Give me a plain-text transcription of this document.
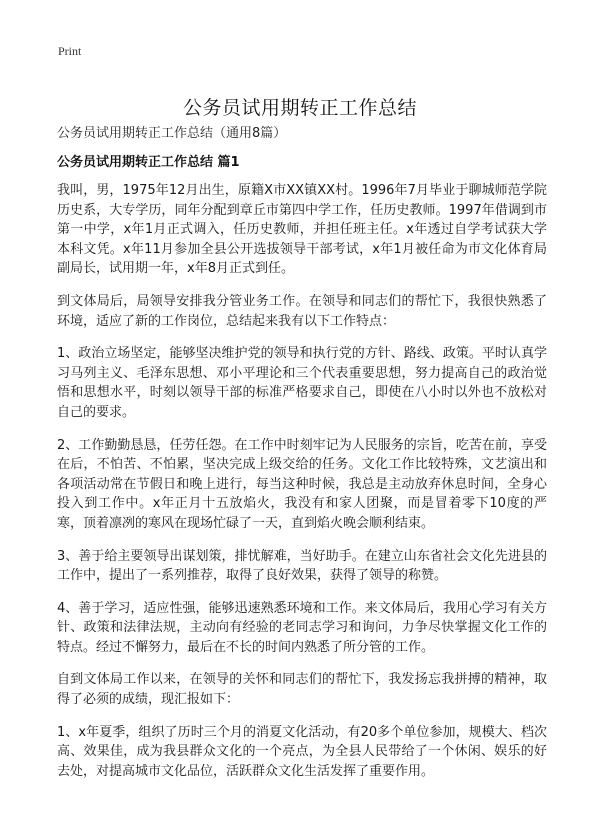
Print
公务员试用期转正工作总结
公务员试用期转正工作总结（通用8篇）
公务员试用期转正工作总结 篇1

我叫，男，1975年12月出生，原籍X市XX镇XX村。1996年7月毕业于聊城师范学院历史系，大专学历，同年分配到章丘市第四中学工作，任历史教师。1997年借调到市第一中学，x年1月正式调入，任历史教师，并担任班主任。x年透过自学考试获大学本科文凭。x年11月参加全县公开选拔领导干部考试，x年1月被任命为市文化体育局副局长，试用期一年，x年8月正式到任。

到文体局后，局领导安排我分管业务工作。在领导和同志们的帮忙下，我很快熟悉了环境，适应了新的工作岗位，总结起来我有以下工作特点：

1、政治立场坚定，能够坚决维护党的领导和执行党的方针、路线、政策。平时认真学习马列主义、毛泽东思想、邓小平理论和三个代表重要思想，努力提高自己的政治觉悟和思想水平，时刻以领导干部的标准严格要求自己，即使在八小时以外也不放松对自己的要求。

2、工作勤勤恳恳，任劳任怨。在工作中时刻牢记为人民服务的宗旨，吃苦在前，享受在后，不怕苦、不怕累，坚决完成上级交给的任务。文化工作比较特殊，文艺演出和各项活动常在节假日和晚上进行，每当这种时候，我总是主动放弃休息时间，全身心投入到工作中。x年正月十五放焰火，我没有和家人团聚，而是冒着零下10度的严寒，顶着凛冽的寒风在现场忙碌了一天，直到焰火晚会顺利结束。

3、善于给主要领导出谋划策，排忧解难，当好助手。在建立山东省社会文化先进县的工作中，提出了一系列推荐，取得了良好效果，获得了领导的称赞。

4、善于学习，适应性强，能够迅速熟悉环境和工作。来文体局后，我用心学习有关方针、政策和法律法规，主动向有经验的老同志学习和询问，力争尽快掌握文化工作的特点。经过不懈努力，最后在不长的时间内熟悉了所分管的工作。

自到文体局工作以来，在领导的关怀和同志们的帮忙下，我发扬忘我拼搏的精神，取得了必须的成绩，现汇报如下：

1、x年夏季，组织了历时三个月的消夏文化活动，有20多个单位参加，规模大、档次高、效果佳，成为我县群众文化的一个亮点，为全县人民带给了一个休闲、娱乐的好去处，对提高城市文化品位，活跃群众文化生活发挥了重要作用。
